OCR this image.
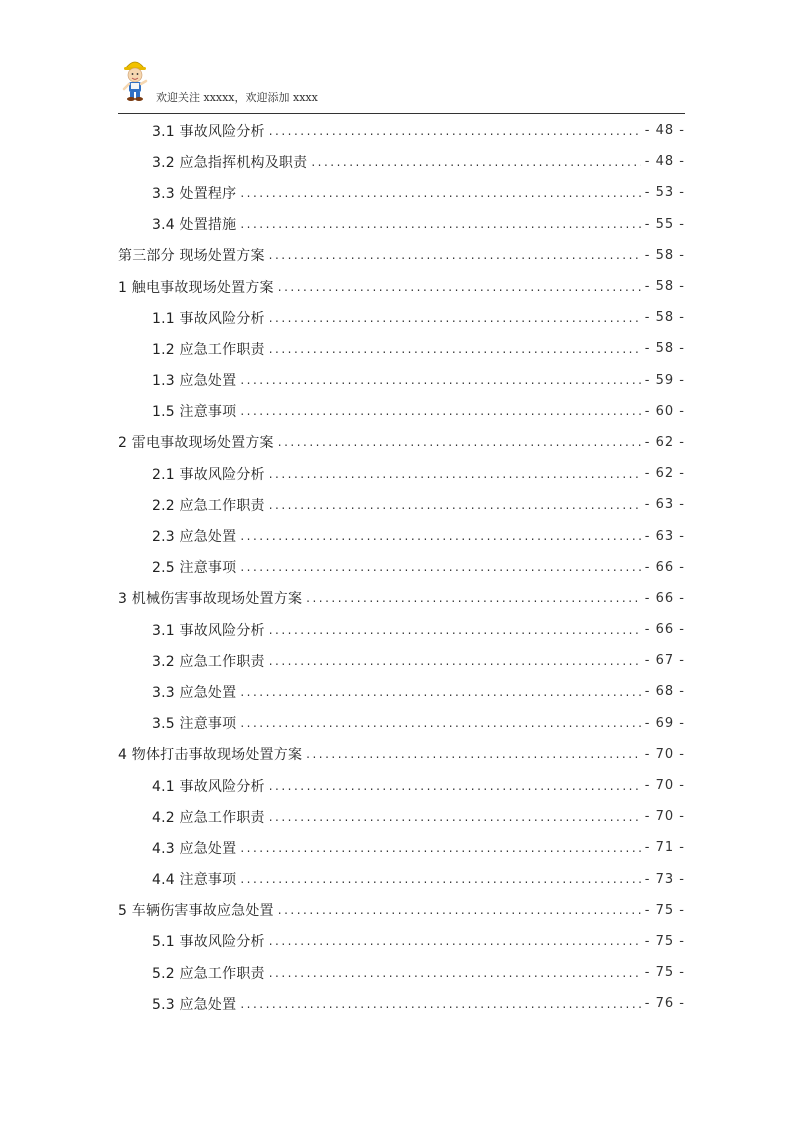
欢迎关注 xxxxx，欢迎添加 xxxx
3.1 事故风险分析 .....	- 48 -
3.2 应急指挥机构及职责 .....	- 48 -
3.3 处置程序 .....	- 53 -
3.4 处置措施 .....	- 55 -
第三部分 现场处置方案 .....	- 58 -
1 触电事故现场处置方案 .....	- 58 -
1.1 事故风险分析 .....	- 58 -
1.2 应急工作职责 .....	- 58 -
1.3 应急处置 .....	- 59 -
1.5 注意事项 .....	- 60 -
2 雷电事故现场处置方案 .....	- 62 -
2.1 事故风险分析 .....	- 62 -
2.2 应急工作职责 .....	- 63 -
2.3 应急处置 .....	- 63 -
2.5 注意事项 .....	- 66 -
3 机械伤害事故现场处置方案 .....	- 66 -
3.1 事故风险分析 .....	- 66 -
3.2 应急工作职责 .....	- 67 -
3.3 应急处置 .....	- 68 -
3.5 注意事项 .....	- 69 -
4 物体打击事故现场处置方案 .....	- 70 -
4.1 事故风险分析 .....	- 70 -
4.2 应急工作职责 .....	- 70 -
4.3 应急处置 .....	- 71 -
4.4 注意事项 .....	- 73 -
5 车辆伤害事故应急处置 .....	- 75 -
5.1 事故风险分析 .....	- 75 -
5.2 应急工作职责 .....	- 75 -
5.3 应急处置 .....	- 76 -
